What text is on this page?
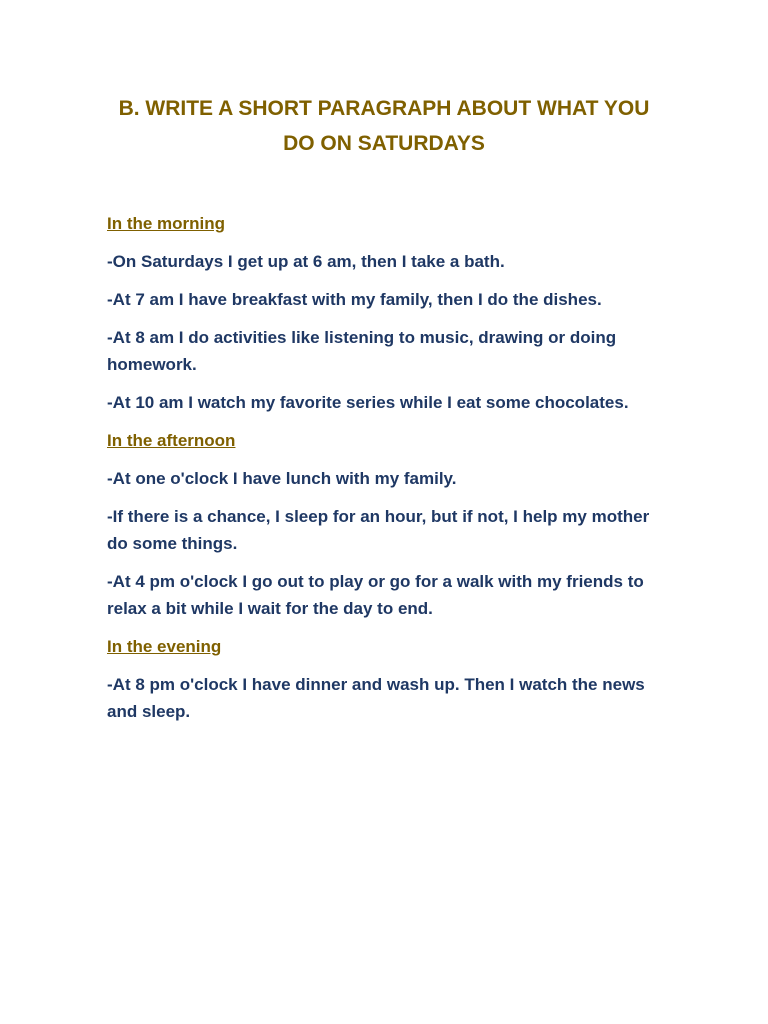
B. WRITE A SHORT PARAGRAPH ABOUT WHAT YOU
DO ON SATURDAYS

In the morning

-On Saturdays I get up at 6 am, then I take a bath.

-At 7 am I have breakfast with my family, then I do the dishes.

-At 8 am I do activities like listening to music, drawing or doing homework.

-At 10 am I watch my favorite series while I eat some chocolates.

In the afternoon

-At one o'clock I have lunch with my family.

-If there is a chance, I sleep for an hour, but if not, I help my mother do some things.

-At 4 pm o'clock I go out to play or go for a walk with my friends to relax a bit while I wait for the day to end.

In the evening

-At 8 pm o'clock I have dinner and wash up. Then I watch the news and sleep.
